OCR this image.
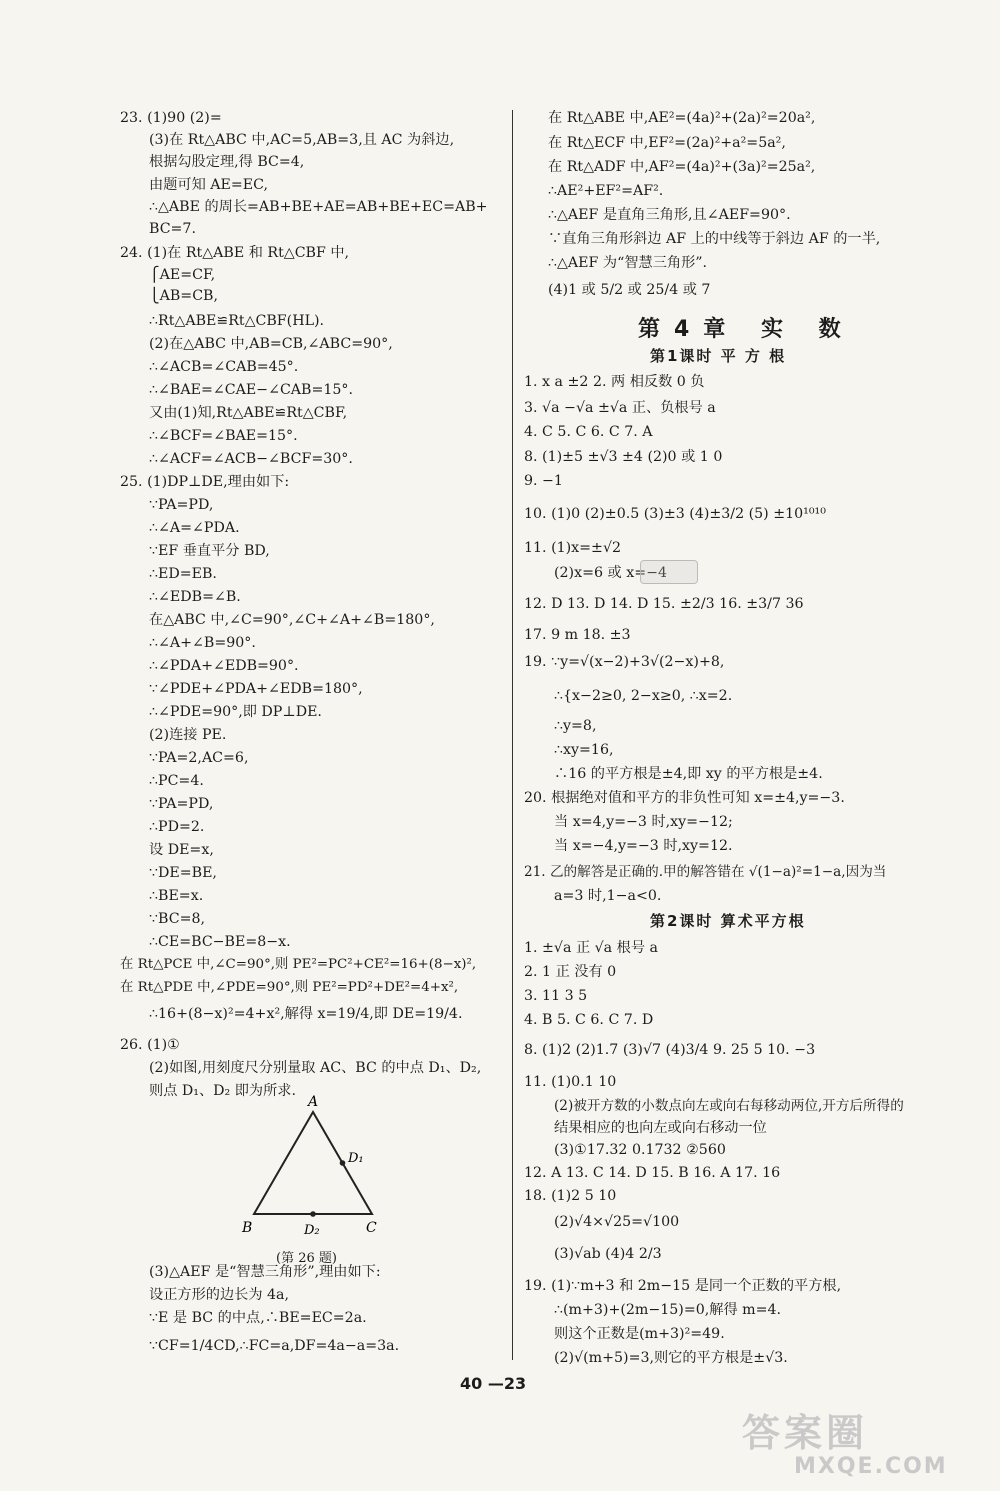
23. (1)90 (2)=
(3)在 Rt△ABC 中,AC=5,AB=3,且 AC 为斜边,
根据勾股定理,得 BC=4,
由题可知 AE=EC,
∴△ABE 的周长=AB+BE+AE=AB+BE+EC=AB+
BC=7.
24. (1)在 Rt△ABE 和 Rt△CBF 中,
⎧AE=CF,
⎩AB=CB,
∴Rt△ABE≌Rt△CBF(HL).
(2)在△ABC 中,AB=CB,∠ABC=90°,
∴∠ACB=∠CAB=45°.
∴∠BAE=∠CAE−∠CAB=15°.
又由(1)知,Rt△ABE≌Rt△CBF,
∴∠BCF=∠BAE=15°.
∴∠ACF=∠ACB−∠BCF=30°.
25. (1)DP⊥DE,理由如下:
∵PA=PD,
∴∠A=∠PDA.
∵EF 垂直平分 BD,
∴ED=EB.
∴∠EDB=∠B.
在△ABC 中,∠C=90°,∠C+∠A+∠B=180°,
∴∠A+∠B=90°.
∴∠PDA+∠EDB=90°.
∵∠PDE+∠PDA+∠EDB=180°,
∴∠PDE=90°,即 DP⊥DE.
(2)连接 PE.
∵PA=2,AC=6,
∴PC=4.
∵PA=PD,
∴PD=2.
设 DE=x,
∵DE=BE,
∴BE=x.
∵BC=8,
∴CE=BC−BE=8−x.
在 Rt△PCE 中,∠C=90°,则 PE²=PC²+CE²=16+(8−x)²,
在 Rt△PDE 中,∠PDE=90°,则 PE²=PD²+DE²=4+x²,
∴16+(8−x)²=4+x²,解得 x=19/4,即 DE=19/4.
26. (1)①
(2)如图,用刻度尺分别量取 AC、BC 的中点 D₁、D₂,
则点 D₁、D₂ 即为所求.
A
B	C
D₁
D₂
(第 26 题)
(3)△AEF 是“智慧三角形”,理由如下:
设正方形的边长为 4a,
∵E 是 BC 的中点,∴BE=EC=2a.
∵CF=1/4CD,∴FC=a,DF=4a−a=3a.
在 Rt△ABE 中,AE²=(4a)²+(2a)²=20a²,
在 Rt△ECF 中,EF²=(2a)²+a²=5a²,
在 Rt△ADF 中,AF²=(4a)²+(3a)²=25a²,
∴AE²+EF²=AF².
∴△AEF 是直角三角形,且∠AEF=90°.
∵直角三角形斜边 AF 上的中线等于斜边 AF 的一半,
∴△AEF 为“智慧三角形”.
(4)1 或 5/2 或 25/4 或 7
第4章 实 数
第1课时 平 方 根
1. x a ±2 2. 两 相反数 0 负
3. √a −√a ±√a 正、负根号 a
4. C 5. C 6. C 7. A
8. (1)±5 ±√3 ±4 (2)0 或 1 0
9. −1
10. (1)0 (2)±0.5 (3)±3 (4)±3/2 (5) ±10¹⁰¹⁰
11. (1)x=±√2
(2)x=6 或 x=−4
12. D 13. D 14. D 15. ±2/3 16. ±3/7 36
17. 9 m 18. ±3
19. ∵y=√(x−2)+3√(2−x)+8,
∴{x−2≥0, 2−x≥0, ∴x=2.
∴y=8,
∴xy=16,
∴16 的平方根是±4,即 xy 的平方根是±4.
20. 根据绝对值和平方的非负性可知 x=±4,y=−3.
当 x=4,y=−3 时,xy=−12;
当 x=−4,y=−3 时,xy=12.
21. 乙的解答是正确的.甲的解答错在 √(1−a)²=1−a,因为当
a=3 时,1−a<0.
第2课时 算术平方根
1. ±√a 正 √a 根号 a
2. 1 正 没有 0
3. 11 3 5
4. B 5. C 6. C 7. D
8. (1)2 (2)1.7 (3)√7 (4)3/4 9. 25 5 10. −3
11. (1)0.1 10
(2)被开方数的小数点向左或向右每移动两位,开方后所得的
结果相应的也向左或向右移动一位
(3)①17.32 0.1732 ②560
12. A 13. C 14. D 15. B 16. A 17. 16
18. (1)2 5 10
(2)√4×√25=√100
(3)√ab (4)4 2/3
19. (1)∵m+3 和 2m−15 是同一个正数的平方根,
∴(m+3)+(2m−15)=0,解得 m=4.
则这个正数是(m+3)²=49.
(2)√(m+5)=3,则它的平方根是±√3.
40 —23
答案圈
MXQE.COM
